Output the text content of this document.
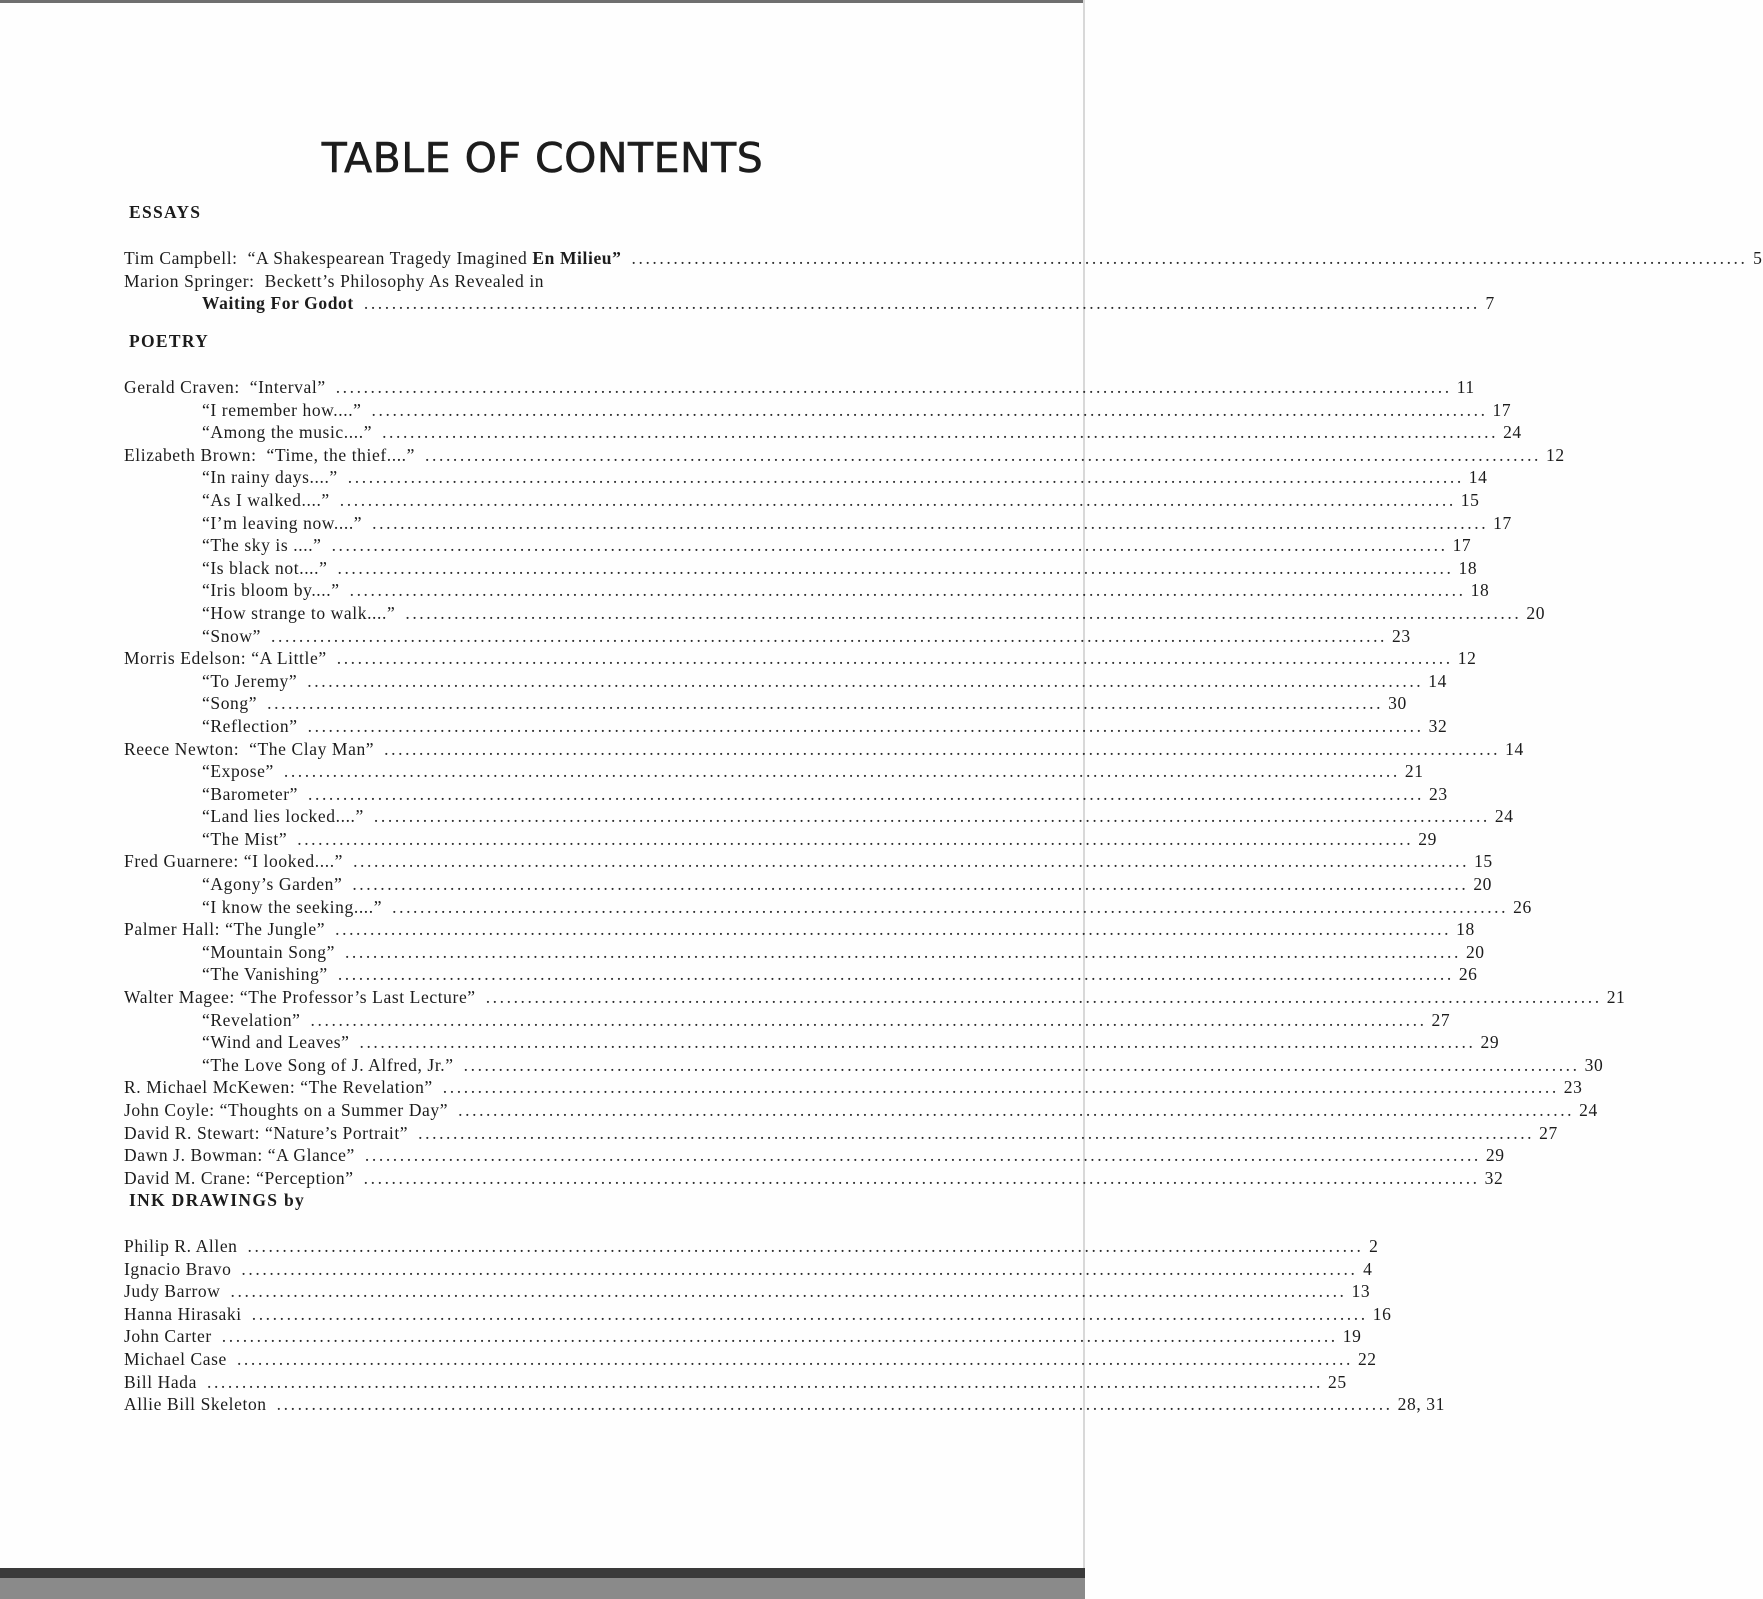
TABLE OF CONTENTS
ESSAYS
Tim Campbell:  “A Shakespearean Tragedy Imagined En Milieu” ................................................................................................................................................................ 5
Marion Springer:  Beckett’s Philosophy As Revealed in
Waiting For Godot ................................................................................................................................................................ 7
POETRY
Gerald Craven:  “Interval” ................................................................................................................................................................ 11
“I remember how....” ................................................................................................................................................................ 17
“Among the music....” ................................................................................................................................................................ 24
Elizabeth Brown:  “Time, the thief....” ................................................................................................................................................................ 12
“In rainy days....” ................................................................................................................................................................ 14
“As I walked....” ................................................................................................................................................................ 15
“I’m leaving now....” ................................................................................................................................................................ 17
“The sky is ....” ................................................................................................................................................................ 17
“Is black not....” ................................................................................................................................................................ 18
“Iris bloom by....” ................................................................................................................................................................ 18
“How strange to walk....” ................................................................................................................................................................ 20
“Snow” ................................................................................................................................................................ 23
Morris Edelson: “A Little” ................................................................................................................................................................ 12
“To Jeremy” ................................................................................................................................................................ 14
“Song” ................................................................................................................................................................ 30
“Reflection” ................................................................................................................................................................ 32
Reece Newton:  “The Clay Man” ................................................................................................................................................................ 14
“Expose” ................................................................................................................................................................ 21
“Barometer” ................................................................................................................................................................ 23
“Land lies locked....” ................................................................................................................................................................ 24
“The Mist” ................................................................................................................................................................ 29
Fred Guarnere: “I looked....” ................................................................................................................................................................ 15
“Agony’s Garden” ................................................................................................................................................................ 20
“I know the seeking....” ................................................................................................................................................................ 26
Palmer Hall: “The Jungle” ................................................................................................................................................................ 18
“Mountain Song” ................................................................................................................................................................ 20
“The Vanishing” ................................................................................................................................................................ 26
Walter Magee: “The Professor’s Last Lecture” ................................................................................................................................................................ 21
“Revelation” ................................................................................................................................................................ 27
“Wind and Leaves” ................................................................................................................................................................ 29
“The Love Song of J. Alfred, Jr.” ................................................................................................................................................................ 30
R. Michael McKewen: “The Revelation” ................................................................................................................................................................ 23
John Coyle: “Thoughts on a Summer Day” ................................................................................................................................................................ 24
David R. Stewart: “Nature’s Portrait” ................................................................................................................................................................ 27
Dawn J. Bowman: “A Glance” ................................................................................................................................................................ 29
David M. Crane: “Perception” ................................................................................................................................................................ 32
INK DRAWINGS by
Philip R. Allen ................................................................................................................................................................ 2
Ignacio Bravo ................................................................................................................................................................ 4
Judy Barrow ................................................................................................................................................................ 13
Hanna Hirasaki ................................................................................................................................................................ 16
John Carter ................................................................................................................................................................ 19
Michael Case ................................................................................................................................................................ 22
Bill Hada ................................................................................................................................................................ 25
Allie Bill Skeleton ................................................................................................................................................................ 28, 31
